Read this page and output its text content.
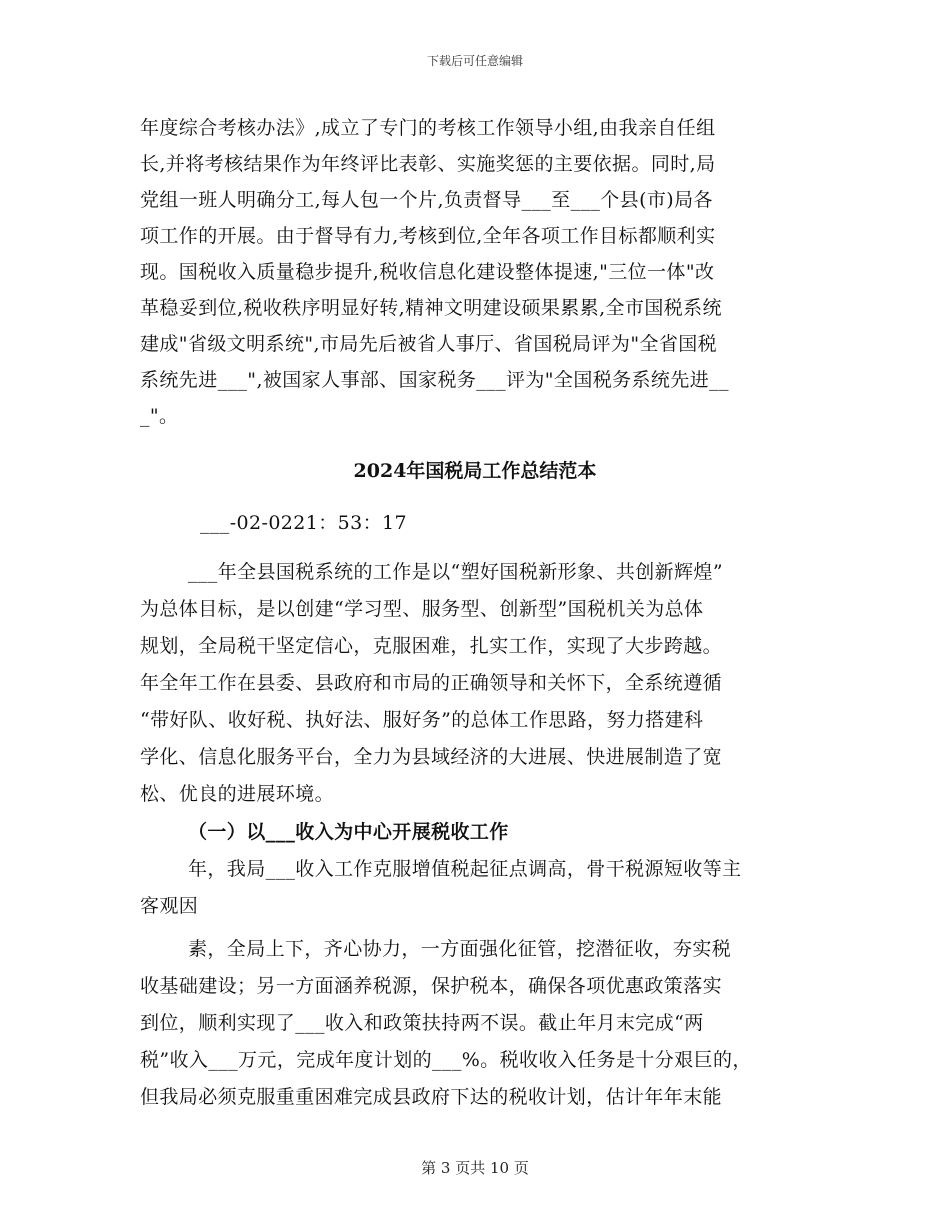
下载后可任意编辑
年度综合考核办法》,成立了专门的考核工作领导小组,由我亲自任组
长,并将考核结果作为年终评比表彰、实施奖惩的主要依据。同时,局
党组一班人明确分工,每人包一个片,负责督导___至___个县(市)局各
项工作的开展。由于督导有力,考核到位,全年各项工作目标都顺利实
现。国税收入质量稳步提升,税收信息化建设整体提速,"三位一体"改
革稳妥到位,税收秩序明显好转,精神文明建设硕果累累,全市国税系统
建成"省级文明系统",市局先后被省人事厅、省国税局评为"全省国税
系统先进___",被国家人事部、国家税务___评为"全国税务系统先进__
_"。
2024年国税局工作总结范本
___-02-0221：53：17
___年全县国税系统的工作是以“塑好国税新形象、共创新辉煌”
为总体目标，是以创建“学习型、服务型、创新型”国税机关为总体
规划，全局税干坚定信心，克服困难，扎实工作，实现了大步跨越。
年全年工作在县委、县政府和市局的正确领导和关怀下，全系统遵循
“带好队、收好税、执好法、服好务”的总体工作思路，努力搭建科
学化、信息化服务平台，全力为县域经济的大进展、快进展制造了宽
松、优良的进展环境。
（一）以___收入为中心开展税收工作
年，我局___收入工作克服增值税起征点调高，骨干税源短收等主
客观因
素，全局上下，齐心协力，一方面强化征管，挖潜征收，夯实税
收基础建设；另一方面涵养税源，保护税本，确保各项优惠政策落实
到位，顺利实现了___收入和政策扶持两不误。截止年月末完成“两
税”收入___万元，完成年度计划的___%。税收收入任务是十分艰巨的，
但我局必须克服重重困难完成县政府下达的税收计划，估计年年末能
第 3 页共 10 页
